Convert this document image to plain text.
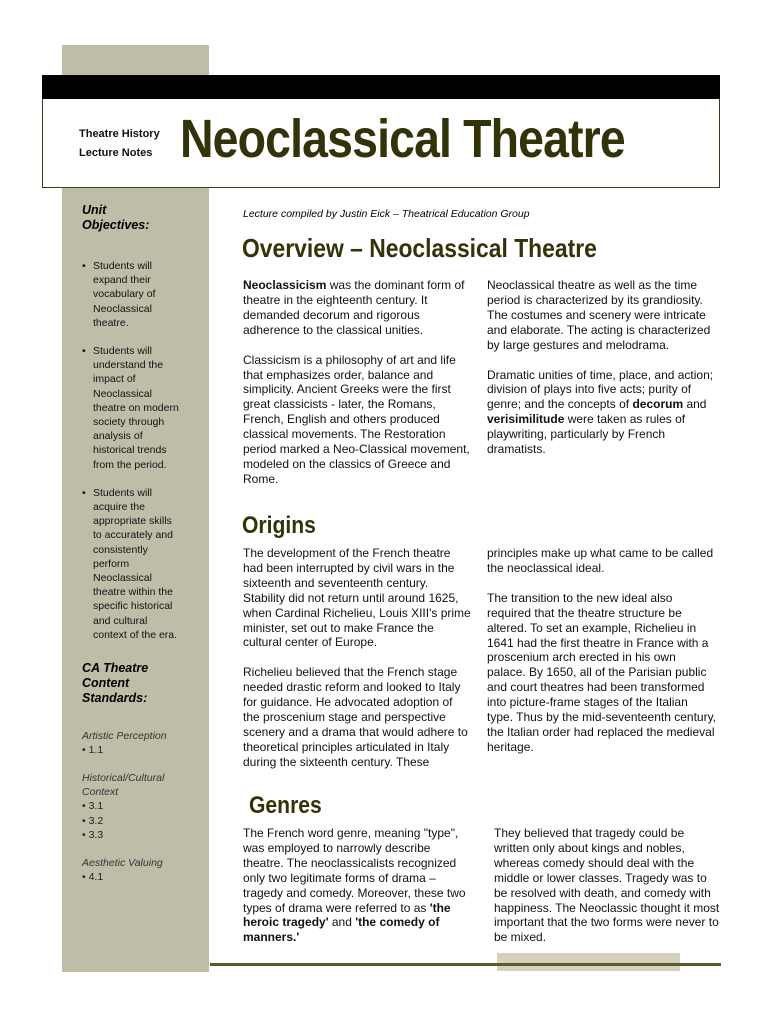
Theatre History
Lecture Notes Neoclassical Theatre
Unit
Objectives:
• Students will expand their vocabulary of Neoclassical theatre.
• Students will understand the impact of Neoclassical theatre on modern society through analysis of historical trends from the period.
• Students will acquire the appropriate skills to accurately and consistently perform Neoclassical theatre within the specific historical and cultural context of the era.
CA Theatre
Content
Standards:
Artistic Perception
• 1.1
Historical/Cultural
Context
• 3.1
• 3.2
• 3.3
Aesthetic Valuing
• 4.1
Lecture compiled by Justin Eick – Theatrical Education Group
Overview – Neoclassical Theatre

Neoclassicism was the dominant form of theatre in the eighteenth century. It demanded decorum and rigorous adherence to the classical unities.

Classicism is a philosophy of art and life that emphasizes order, balance and simplicity. Ancient Greeks were the first great classicists - later, the Romans, French, English and others produced classical movements. The Restoration period marked a Neo-Classical movement, modeled on the classics of Greece and Rome.

Neoclassical theatre as well as the time period is characterized by its grandiosity. The costumes and scenery were intricate and elaborate. The acting is characterized by large gestures and melodrama.

Dramatic unities of time, place, and action; division of plays into five acts; purity of genre; and the concepts of decorum and verisimilitude were taken as rules of playwriting, particularly by French dramatists.

Origins

The development of the French theatre had been interrupted by civil wars in the sixteenth and seventeenth century. Stability did not return until around 1625, when Cardinal Richelieu, Louis XIII's prime minister, set out to make France the cultural center of Europe.

Richelieu believed that the French stage needed drastic reform and looked to Italy for guidance. He advocated adoption of the proscenium stage and perspective scenery and a drama that would adhere to theoretical principles articulated in Italy during the sixteenth century. These

principles make up what came to be called the neoclassical ideal.

The transition to the new ideal also required that the theatre structure be altered. To set an example, Richelieu in 1641 had the first theatre in France with a proscenium arch erected in his own palace. By 1650, all of the Parisian public and court theatres had been transformed into picture-frame stages of the Italian type. Thus by the mid-seventeenth century, the Italian order had replaced the medieval heritage.

Genres

The French word genre, meaning "type", was employed to narrowly describe theatre. The neoclassicalists recognized only two legitimate forms of drama – tragedy and comedy. Moreover, these two types of drama were referred to as 'the heroic tragedy' and 'the comedy of manners.'

They believed that tragedy could be written only about kings and nobles, whereas comedy should deal with the middle or lower classes. Tragedy was to be resolved with death, and comedy with happiness. The Neoclassic thought it most important that the two forms were never to be mixed.
